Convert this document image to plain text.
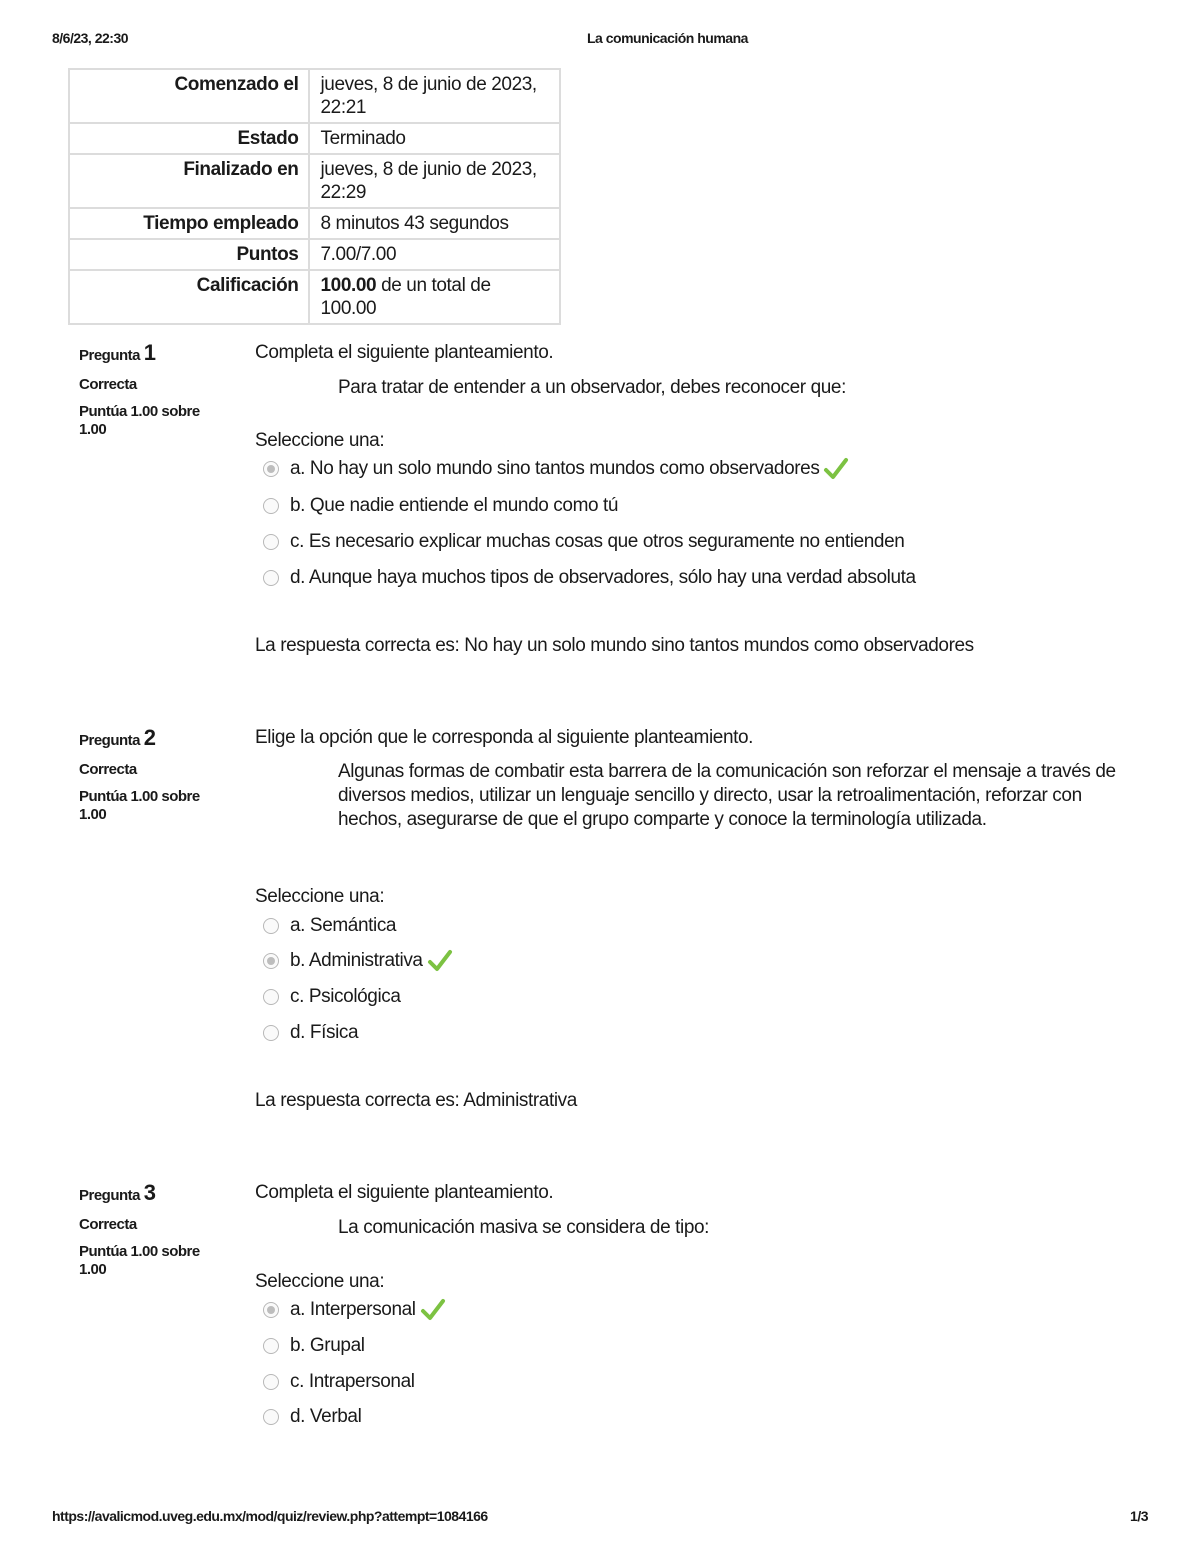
8/6/23, 22:30	La comunicación humana
Comenzado el	jueves, 8 de junio de 2023, 22:21
Estado	Terminado
Finalizado en	jueves, 8 de junio de 2023, 22:29
Tiempo empleado	8 minutos 43 segundos
Puntos	7.00/7.00
Calificación	100.00 de un total de 100.00
Pregunta 1
Correcta
Puntúa 1.00 sobre 1.00
Completa el siguiente planteamiento.
Para tratar de entender a un observador, debes reconocer que:
Seleccione una:
a. No hay un solo mundo sino tantos mundos como observadores
b. Que nadie entiende el mundo como tú
c. Es necesario explicar muchas cosas que otros seguramente no entienden
d. Aunque haya muchos tipos de observadores, sólo hay una verdad absoluta
La respuesta correcta es: No hay un solo mundo sino tantos mundos como observadores
Pregunta 2
Correcta
Puntúa 1.00 sobre 1.00
Elige la opción que le corresponda al siguiente planteamiento.
Algunas formas de combatir esta barrera de la comunicación son reforzar el mensaje a través de diversos medios, utilizar un lenguaje sencillo y directo, usar la retroalimentación, reforzar con hechos, asegurarse de que el grupo comparte y conoce la terminología utilizada.
Seleccione una:
a. Semántica
b. Administrativa
c. Psicológica
d. Física
La respuesta correcta es: Administrativa
Pregunta 3
Correcta
Puntúa 1.00 sobre 1.00
Completa el siguiente planteamiento.
La comunicación masiva se considera de tipo:
Seleccione una:
a. Interpersonal
b. Grupal
c. Intrapersonal
d. Verbal
https://avalicmod.uveg.edu.mx/mod/quiz/review.php?attempt=1084166	1/3
